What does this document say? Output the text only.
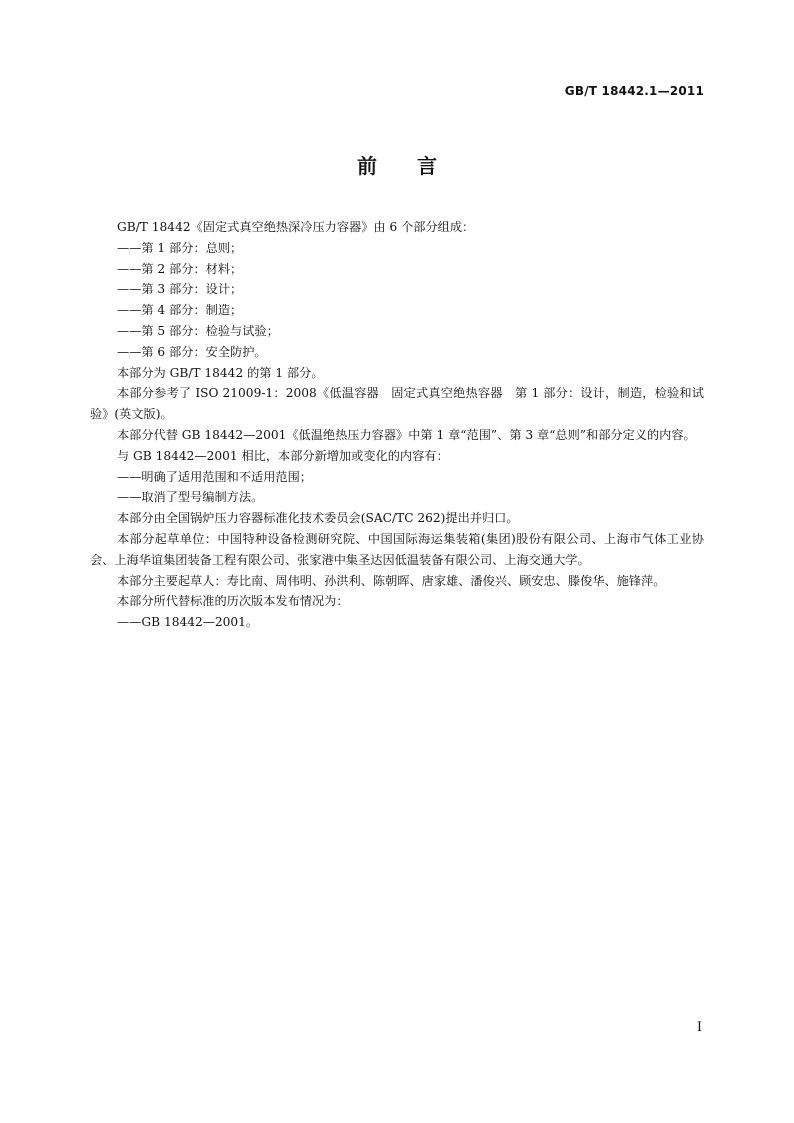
GB/T 18442.1—2011
前　　言

GB/T 18442《固定式真空绝热深冷压力容器》由 6 个部分组成：

——第 1 部分：总则；

——第 2 部分：材料；

——第 3 部分：设计；

——第 4 部分：制造；

——第 5 部分：检验与试验；

——第 6 部分：安全防护。

本部分为 GB/T 18442 的第 1 部分。

本部分参考了 ISO 21009-1：2008《低温容器　固定式真空绝热容器　第 1 部分：设计，制造，检验和试验》(英文版)。

本部分代替 GB 18442—2001《低温绝热压力容器》中第 1 章“范围”、第 3 章“总则”和部分定义的内容。

与 GB 18442—2001 相比，本部分新增加或变化的内容有：

——明确了适用范围和不适用范围；

——取消了型号编制方法。

本部分由全国锅炉压力容器标准化技术委员会(SAC/TC 262)提出并归口。

本部分起草单位：中国特种设备检测研究院、中国国际海运集装箱(集团)股份有限公司、上海市气体工业协会、上海华谊集团装备工程有限公司、张家港中集圣达因低温装备有限公司、上海交通大学。

本部分主要起草人：寿比南、周伟明、孙洪利、陈朝晖、唐家雄、潘俊兴、顾安忠、滕俊华、施锋萍。

本部分所代替标准的历次版本发布情况为：

——GB 18442—2001。

I
